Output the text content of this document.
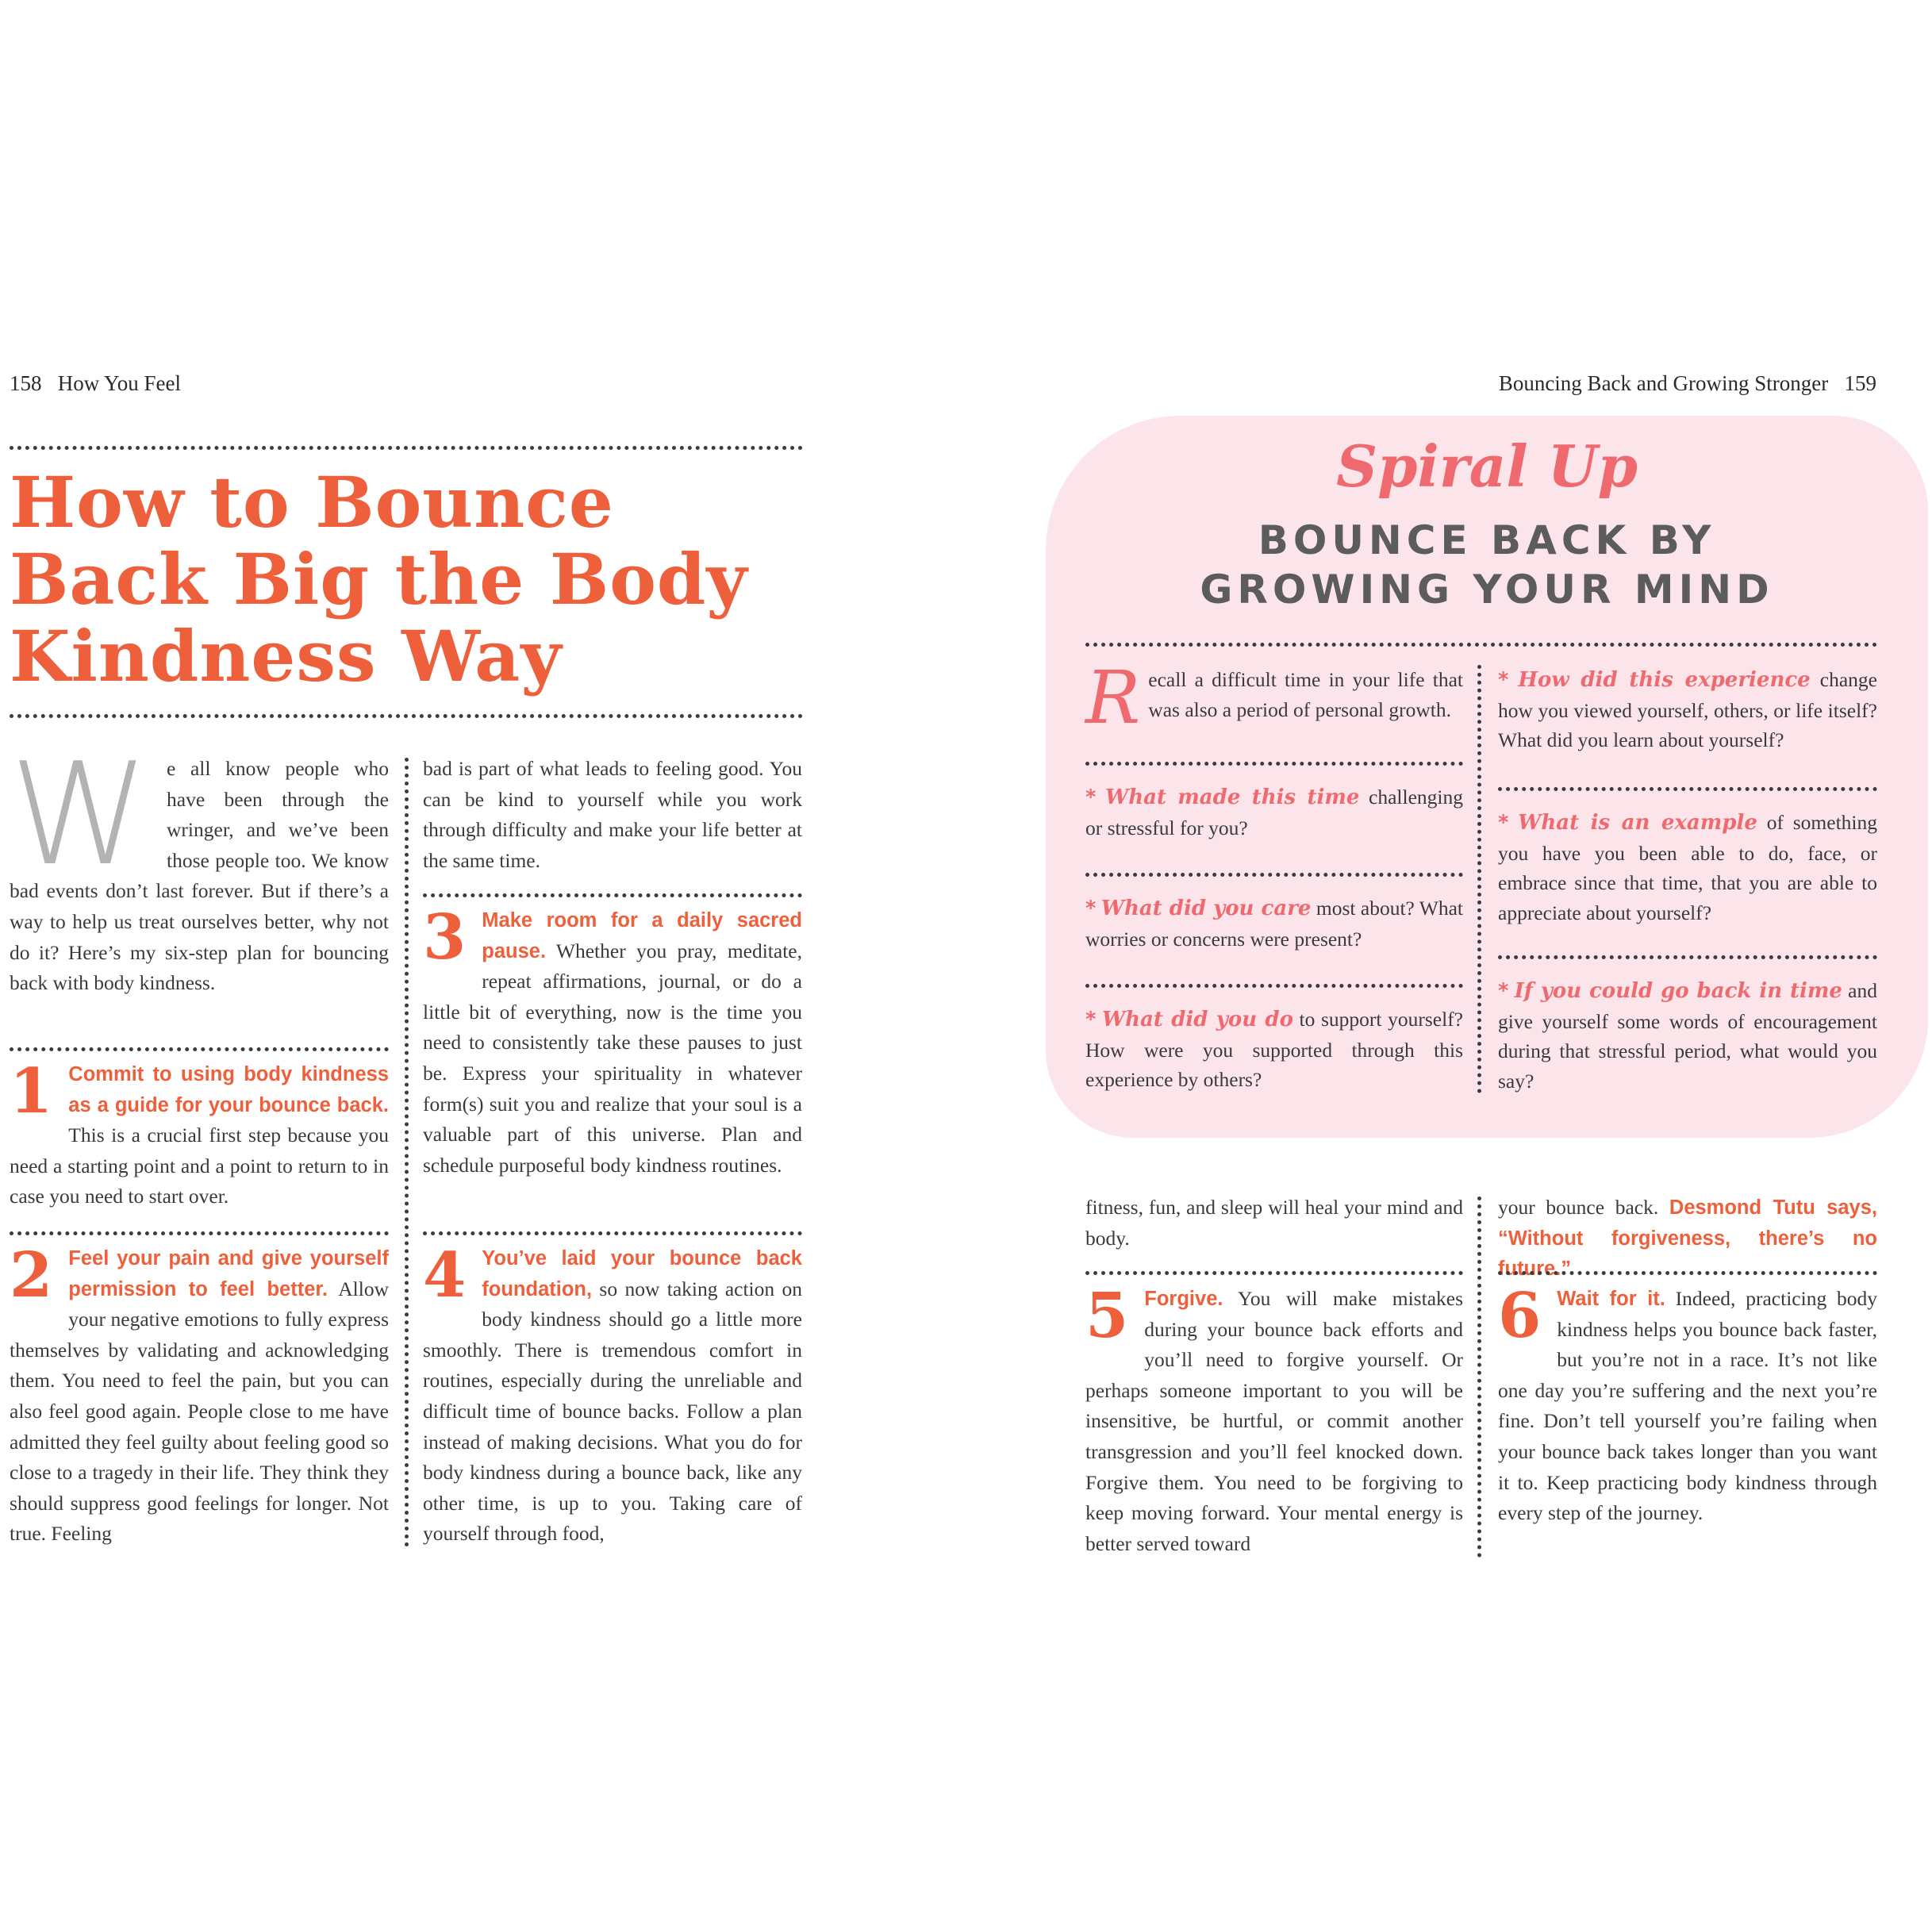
158 How You Feel
How to Bounce
Back Big the Body
Kindness Way
We all know people who have been through the wringer, and we’ve been those people too. We know bad events don’t last forever. But if there’s a way to help us treat ourselves better, why not do it? Here’s my six-step plan for bouncing back with body kindness.
1 Commit to using body kindness as a guide for your bounce back. This is a crucial first step because you need a starting point and a point to return to in case you need to start over.
2 Feel your pain and give yourself permission to feel better. Allow your negative emotions to fully express themselves by validating and acknowledging them. You need to feel the pain, but you can also feel good again. People close to me have admitted they feel guilty about feeling good so close to a tragedy in their life. They think they should suppress good feelings for longer. Not true. Feeling
bad is part of what leads to feeling good. You can be kind to yourself while you work through difficulty and make your life better at the same time.
3 Make room for a daily sacred pause. Whether you pray, meditate, repeat affirmations, journal, or do a little bit of everything, now is the time you need to consistently take these pauses to just be. Express your spirituality in whatever form(s) suit you and realize that your soul is a valuable part of this universe. Plan and schedule purposeful body kindness routines.
4 You’ve laid your bounce back foundation, so now taking action on body kindness should go a little more smoothly. There is tremendous comfort in routines, especially during the unreliable and difficult time of bounce backs. Follow a plan instead of making decisions. What you do for body kindness during a bounce back, like any other time, is up to you. Taking care of yourself through food,
Bouncing Back and Growing Stronger 159
Spiral Up
BOUNCE BACK BY
GROWING YOUR MIND
Recall a difficult time in your life that was also a period of personal growth.
* What made this time challenging or stressful for you?
* What did you care most about? What worries or concerns were present?
* What did you do to support yourself? How were you supported through this experience by others?
* How did this experience change how you viewed yourself, others, or life itself? What did you learn about yourself?
* What is an example of something you have you been able to do, face, or embrace since that time, that you are able to appreciate about yourself?
* If you could go back in time and give yourself some words of encouragement during that stressful period, what would you say?
fitness, fun, and sleep will heal your mind and body.
5 Forgive. You will make mistakes during your bounce back efforts and you’ll need to forgive yourself. Or perhaps someone important to you will be insensitive, be hurtful, or commit another transgression and you’ll feel knocked down. Forgive them. You need to be forgiving to keep moving forward. Your mental energy is better served toward
your bounce back. Desmond Tutu says, “Without forgiveness, there’s no future.”
6 Wait for it. Indeed, practicing body kindness helps you bounce back faster, but you’re not in a race. It’s not like one day you’re suffering and the next you’re fine. Don’t tell yourself you’re failing when your bounce back takes longer than you want it to. Keep practicing body kindness through every step of the journey.
